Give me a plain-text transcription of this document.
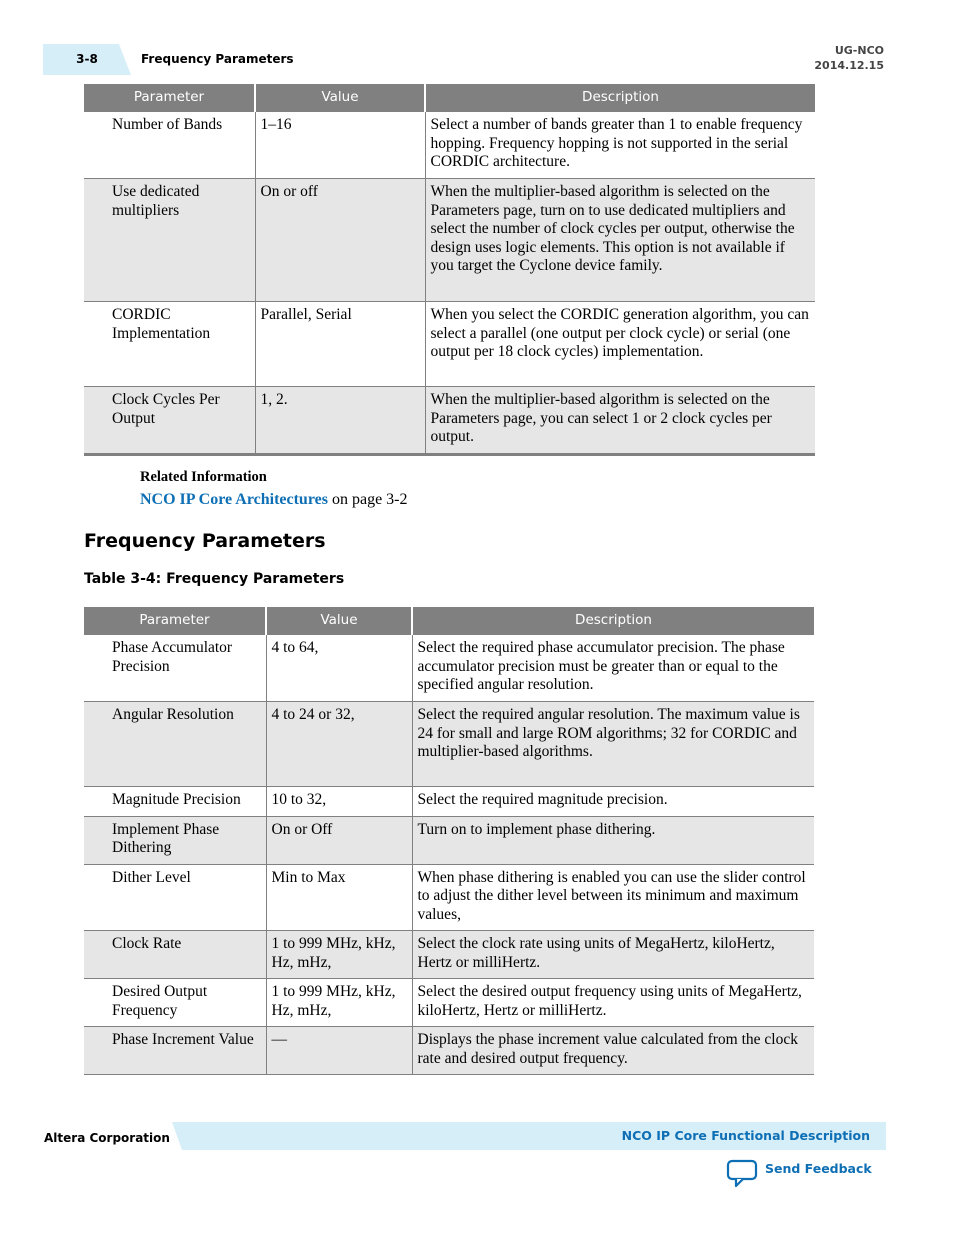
3-8	Frequency Parameters
UG-NCO
2014.12.15
Parameter	Value	Description
Number of Bands	1–16	Select a number of bands greater than 1 to enable frequency hopping. Frequency hopping is not supported in the serial CORDIC architecture.
Use dedicated multipliers	On or off	When the multiplier-based algorithm is selected on the Parameters page, turn on to use dedicated multipliers and select the number of clock cycles per output, otherwise the design uses logic elements. This option is not available if you target the Cyclone device family.
CORDIC Implementation	Parallel, Serial	When you select the CORDIC generation algorithm, you can select a parallel (one output per clock cycle) or serial (one output per 18 clock cycles) implementation.
Clock Cycles Per Output	1, 2.	When the multiplier-based algorithm is selected on the Parameters page, you can select 1 or 2 clock cycles per output.
Related Information
NCO IP Core Architectures on page 3-2
Frequency Parameters
Table 3-4: Frequency Parameters
Parameter	Value	Description
Phase Accumulator Precision	4 to 64,	Select the required phase accumulator precision. The phase accumulator precision must be greater than or equal to the specified angular resolution.
Angular Resolution	4 to 24 or 32,	Select the required angular resolution. The maximum value is 24 for small and large ROM algorithms; 32 for CORDIC and multiplier-based algorithms.
Magnitude Precision	10 to 32,	Select the required magnitude precision.
Implement Phase Dithering	On or Off	Turn on to implement phase dithering.
Dither Level	Min to Max	When phase dithering is enabled you can use the slider control to adjust the dither level between its minimum and maximum values,
Clock Rate	1 to 999 MHz, kHz, Hz, mHz,	Select the clock rate using units of MegaHertz, kiloHertz, Hertz or milliHertz.
Desired Output Frequency	1 to 999 MHz, kHz, Hz, mHz,	Select the desired output frequency using units of MegaHertz, kiloHertz, Hertz or milliHertz.
Phase Increment Value	—	Displays the phase increment value calculated from the clock rate and desired output frequency.
Altera Corporation	NCO IP Core Functional Description
Send Feedback
